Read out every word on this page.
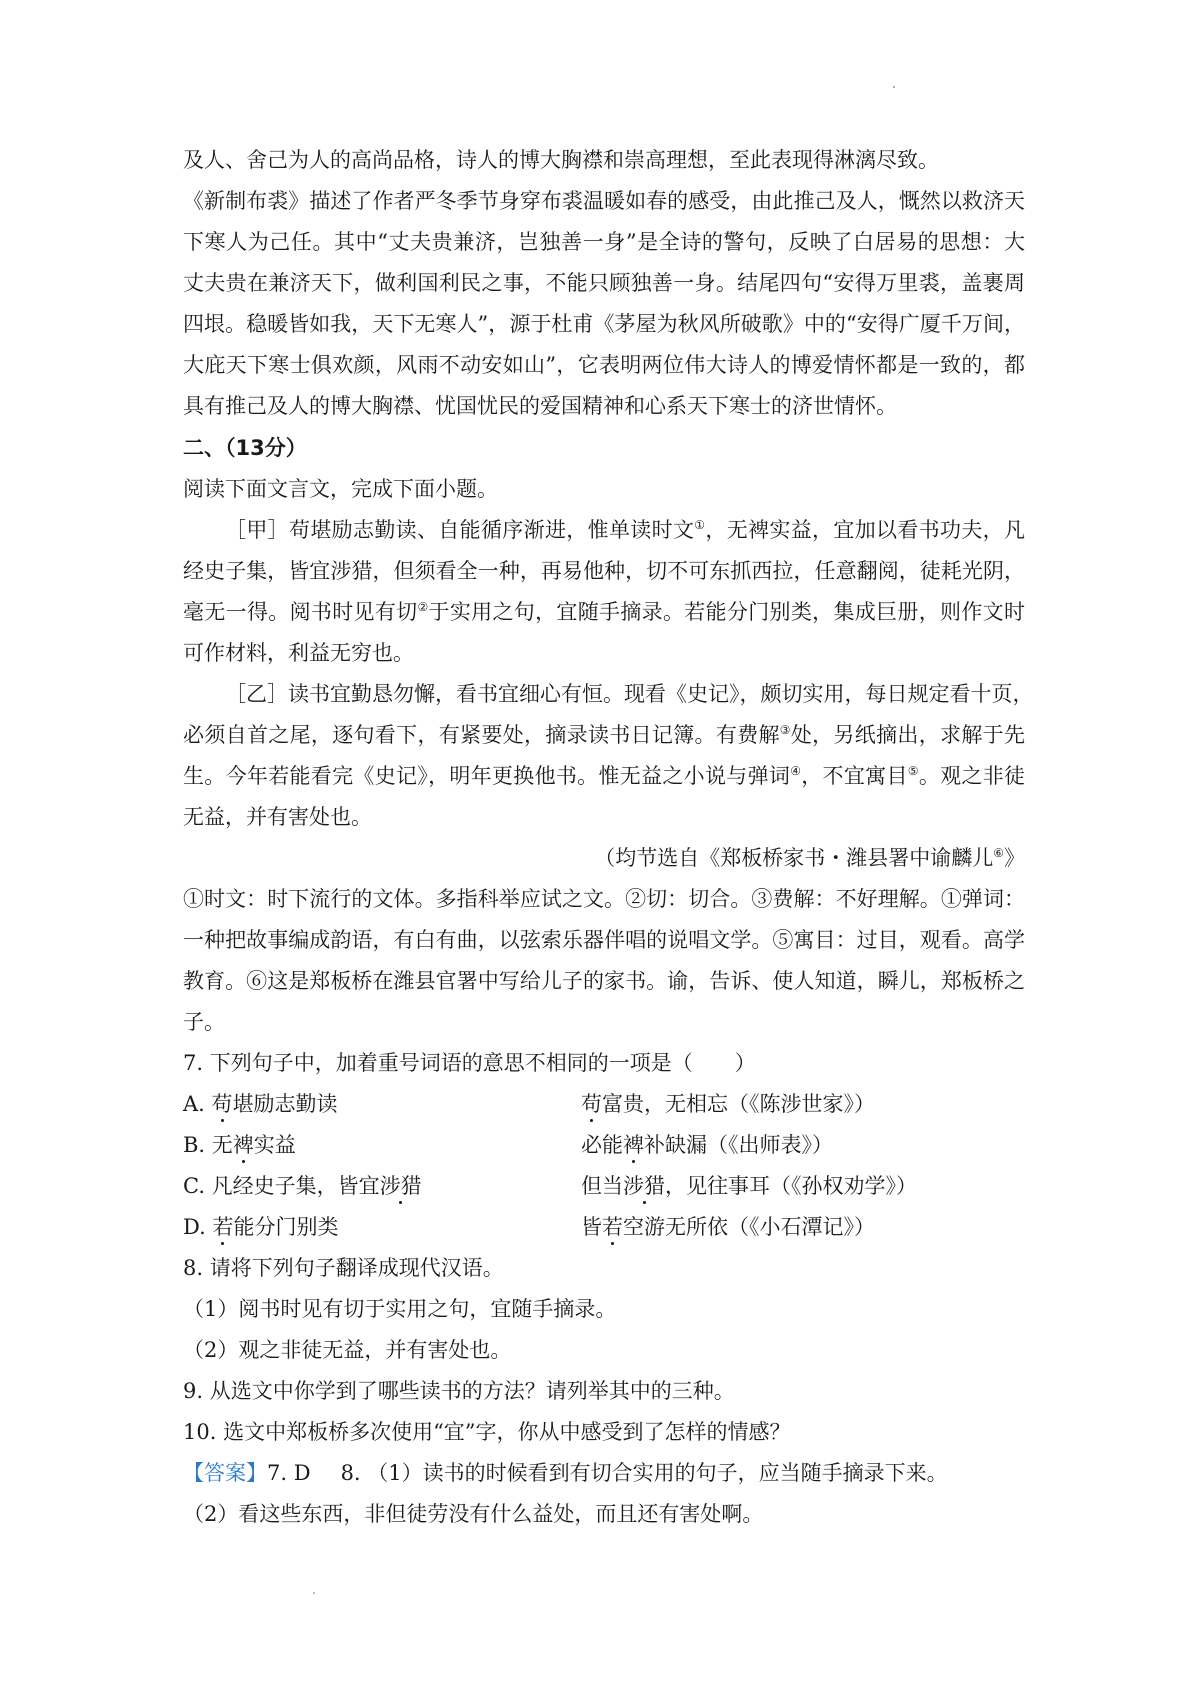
及人、舍己为人的高尚品格，诗人的博大胸襟和崇高理想，至此表现得淋漓尽致。
《新制布裘》描述了作者严冬季节身穿布裘温暖如春的感受，由此推己及人，慨然以救济天
下寒人为己任。其中“丈夫贵兼济，岂独善一身”是全诗的警句，反映了白居易的思想：大
丈夫贵在兼济天下，做利国利民之事，不能只顾独善一身。结尾四句“安得万里裘，盖裹周
四垠。稳暖皆如我，天下无寒人”，源于杜甫《茅屋为秋风所破歌》中的“安得广厦千万间，
大庇天下寒士俱欢颜，风雨不动安如山”，它表明两位伟大诗人的博爱情怀都是一致的，都
具有推己及人的博大胸襟、忧国忧民的爱国精神和心系天下寒士的济世情怀。
二、（13分）
阅读下面文言文，完成下面小题。
［甲］苟堪励志勤读、自能循序渐进，惟单读时文①，无裨实益，宜加以看书功夫，凡
经史子集，皆宜涉猎，但须看全一种，再易他种，切不可东抓西拉，任意翻阅，徒耗光阴，
毫无一得。阅书时见有切②于实用之句，宜随手摘录。若能分门别类，集成巨册，则作文时
可作材料，利益无穷也。
［乙］读书宜勤恳勿懈，看书宜细心有恒。现看《史记》，颇切实用，每日规定看十页，
必须自首之尾，逐句看下，有紧要处，摘录读书日记簿。有费解③处，另纸摘出，求解于先
生。今年若能看完《史记》，明年更换他书。惟无益之小说与弹词④，不宜寓目⑤。观之非徒
无益，并有害处也。
（均节选自《郑板桥家书・潍县署中谕麟儿⑥》
①时文：时下流行的文体。多指科举应试之文。②切：切合。③费解：不好理解。①弹词：
一种把故事编成韵语，有白有曲，以弦索乐器伴唱的说唱文学。⑤寓目：过目，观看。高学
教育。⑥这是郑板桥在潍县官署中写给儿子的家书。谕，告诉、使人知道，瞬儿，郑板桥之
子。
7. 下列句子中，加着重号词语的意思不相同的一项是（　　）
A. 苟堪励志勤读	苟富贵，无相忘（《陈涉世家》）
B. 无裨实益	必能裨补缺漏（《出师表》）
C. 凡经史子集，皆宜涉猎	但当涉猎，见往事耳（《孙权劝学》）
D. 若能分门别类	皆若空游无所依（《小石潭记》）
8. 请将下列句子翻译成现代汉语。
（1）阅书时见有切于实用之句，宜随手摘录。
（2）观之非徒无益，并有害处也。
9. 从选文中你学到了哪些读书的方法？请列举其中的三种。
10. 选文中郑板桥多次使用“宜”字，你从中感受到了怎样的情感？
【答案】7. D 8. （1）读书的时候看到有切合实用的句子，应当随手摘录下来。
（2）看这些东西，非但徒劳没有什么益处，而且还有害处啊。
